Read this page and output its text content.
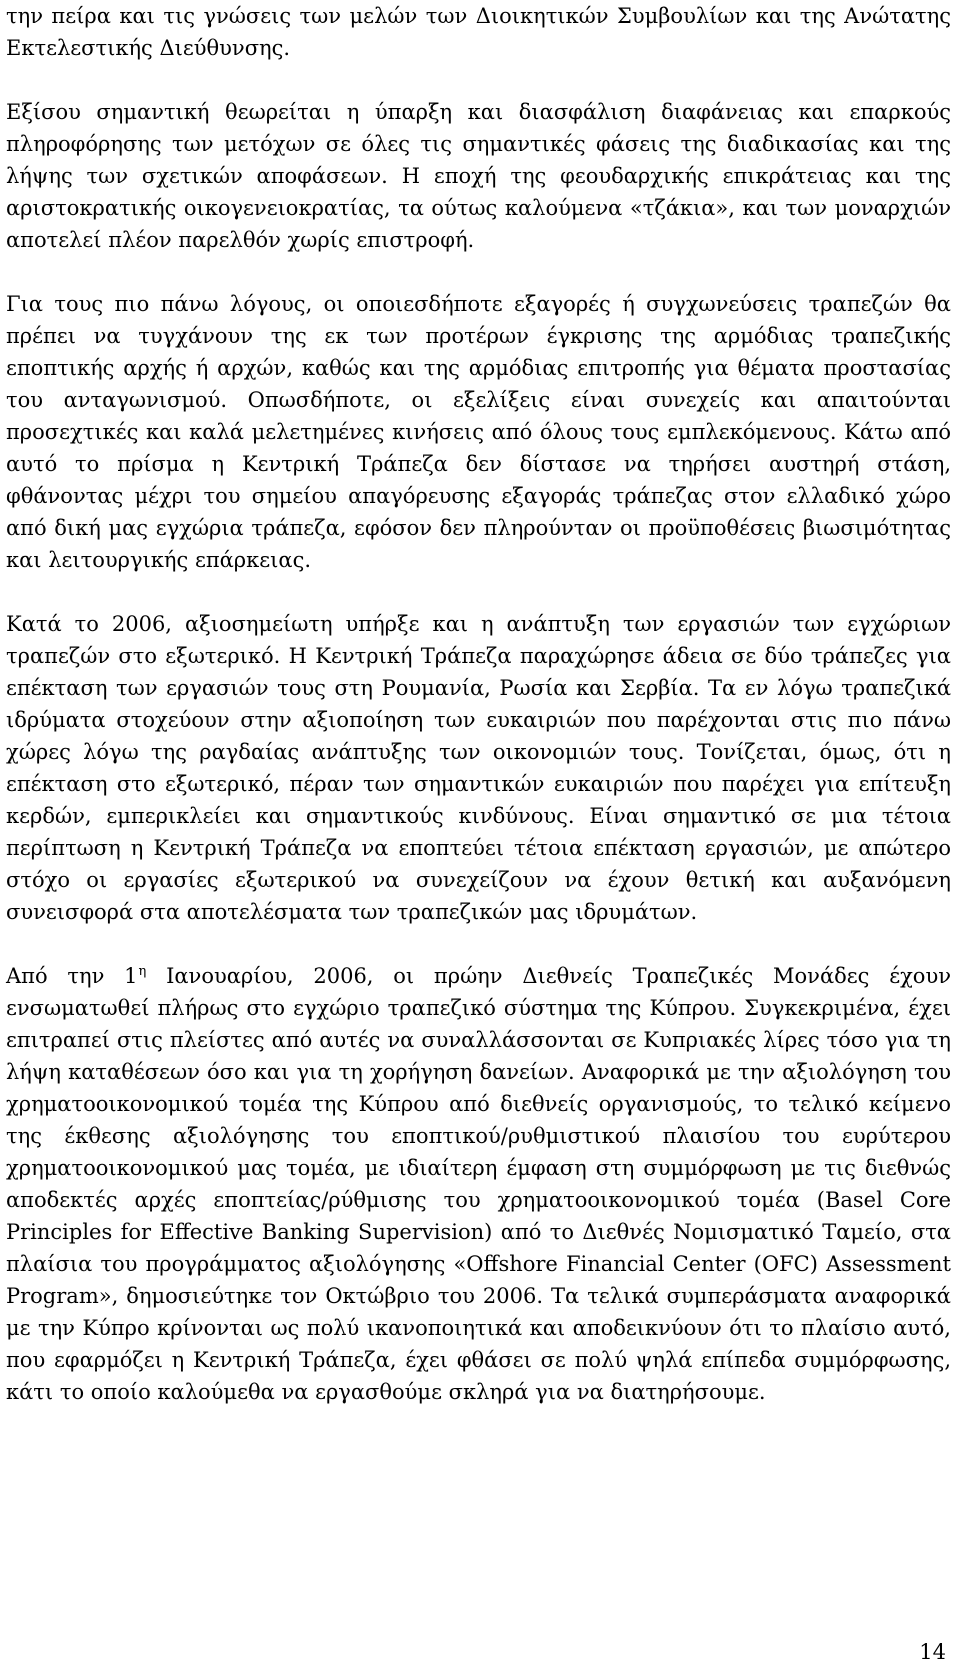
την πείρα και τις γνώσεις των μελών των Διοικητικών Συμβουλίων και της Ανώτατης Εκτελεστικής Διεύθυνσης.

Εξίσου σημαντική θεωρείται η ύπαρξη και διασφάλιση διαφάνειας και επαρκούς πληροφόρησης των μετόχων σε όλες τις σημαντικές φάσεις της διαδικασίας και της λήψης των σχετικών αποφάσεων. Η εποχή της φεουδαρχικής επικράτειας και της αριστοκρατικής οικογενειοκρατίας, τα ούτως καλούμενα «τζάκια», και των μοναρχιών αποτελεί πλέον παρελθόν χωρίς επιστροφή.

Για τους πιο πάνω λόγους, οι οποιεσδήποτε εξαγορές ή συγχωνεύσεις τραπεζών θα πρέπει να τυγχάνουν της εκ των προτέρων έγκρισης της αρμόδιας τραπεζικής εποπτικής αρχής ή αρχών, καθώς και της αρμόδιας επιτροπής για θέματα προστασίας του ανταγωνισμού. Οπωσδήποτε, οι εξελίξεις είναι συνεχείς και απαιτούνται προσεχτικές και καλά μελετημένες κινήσεις από όλους τους εμπλεκόμενους. Κάτω από αυτό το πρίσμα η Κεντρική Τράπεζα δεν δίστασε να τηρήσει αυστηρή στάση, φθάνοντας μέχρι του σημείου απαγόρευσης εξαγοράς τράπεζας στον ελλαδικό χώρο από δική μας εγχώρια τράπεζα, εφόσον δεν πληρούνταν οι προϋποθέσεις βιωσιμότητας και λειτουργικής επάρκειας.

Κατά το 2006, αξιοσημείωτη υπήρξε και η ανάπτυξη των εργασιών των εγχώριων τραπεζών στο εξωτερικό. Η Κεντρική Τράπεζα παραχώρησε άδεια σε δύο τράπεζες για επέκταση των εργασιών τους στη Ρουμανία, Ρωσία και Σερβία. Τα εν λόγω τραπεζικά ιδρύματα στοχεύουν στην αξιοποίηση των ευκαιριών που παρέχονται στις πιο πάνω χώρες λόγω της ραγδαίας ανάπτυξης των οικονομιών τους. Τονίζεται, όμως, ότι η επέκταση στο εξωτερικό, πέραν των σημαντικών ευκαιριών που παρέχει για επίτευξη κερδών, εμπερικλείει και σημαντικούς κινδύνους. Είναι σημαντικό σε μια τέτοια περίπτωση η Κεντρική Τράπεζα να εποπτεύει τέτοια επέκταση εργασιών, με απώτερο στόχο οι εργασίες εξωτερικού να συνεχείζουν να έχουν θετική και αυξανόμενη συνεισφορά στα αποτελέσματα των τραπεζικών μας ιδρυμάτων.

Από την $1^\eta$ Ιανουαρίου, 2006, οι πρώην Διεθνείς Τραπεζικές Μονάδες έχουν ενσωματωθεί πλήρως στο εγχώριο τραπεζικό σύστημα της Κύπρου. Συγκεκριμένα, έχει επιτραπεί στις πλείστες από αυτές να συναλλάσσονται σε Κυπριακές λίρες τόσο για τη λήψη καταθέσεων όσο και για τη χορήγηση δανείων. Αναφορικά με την αξιολόγηση του χρηματοοικονομικού τομέα της Κύπρου από διεθνείς οργανισμούς, το τελικό κείμενο της έκθεσης αξιολόγησης του εποπτικού/ρυθμιστικού πλαισίου του ευρύτερου χρηματοοικονομικού μας τομέα, με ιδιαίτερη έμφαση στη συμμόρφωση με τις διεθνώς αποδεκτές αρχές εποπτείας/ρύθμισης του χρηματοοικονομικού τομέα (Basel Core Principles for Effective Banking Supervision) από το Διεθνές Νομισματικό Ταμείο, στα πλαίσια του προγράμματος αξιολόγησης «Offshore Financial Center (OFC) Assessment Program», δημοσιεύτηκε τον Οκτώβριο του 2006. Τα τελικά συμπεράσματα αναφορικά με την Κύπρο κρίνονται ως πολύ ικανοποιητικά και αποδεικνύουν ότι το πλαίσιο αυτό, που εφαρμόζει η Κεντρική Τράπεζα, έχει φθάσει σε πολύ ψηλά επίπεδα συμμόρφωσης, κάτι το οποίο καλούμεθα να εργασθούμε σκληρά για να διατηρήσουμε.

14
